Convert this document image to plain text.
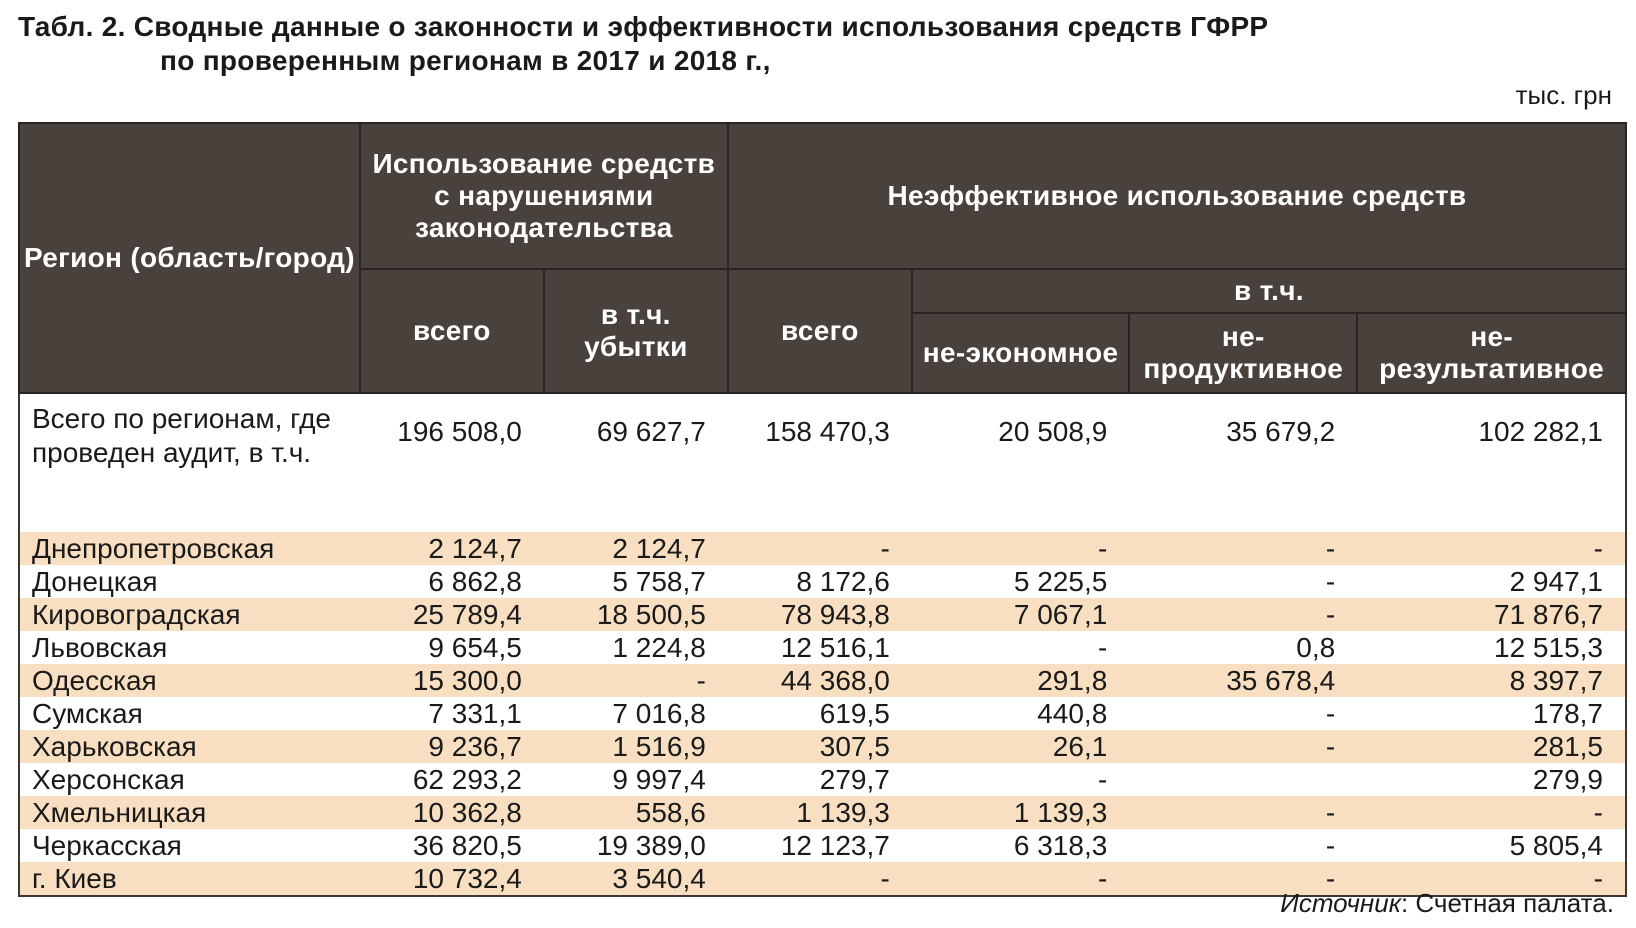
Табл. 2. Сводные данные о законности и эффективности использования средств ГФРР
по проверенным регионам в 2017 и 2018 г.,
тыс. грн
Регион (область/город)	Использование средств с нарушениями законодательства		Неэффективное использование средств			
	всего	в т.ч. убытки	всего	в т.ч.		
				не-экономное	не-продуктивное	не-результативное
Всего по регионам, где проведен аудит, в т.ч.	196 508,0	69 627,7	158 470,3	20 508,9	35 679,2	102 282,1
Днепропетровская	2 124,7	2 124,7	-	-	-	-
Донецкая	6 862,8	5 758,7	8 172,6	5 225,5	-	2 947,1
Кировоградская	25 789,4	18 500,5	78 943,8	7 067,1	-	71 876,7
Львовская	9 654,5	1 224,8	12 516,1	-	0,8	12 515,3
Одесская	15 300,0	-	44 368,0	291,8	35 678,4	8 397,7
Сумская	7 331,1	7 016,8	619,5	440,8	-	178,7
Харьковская	9 236,7	1 516,9	307,5	26,1	-	281,5
Херсонская	62 293,2	9 997,4	279,7	-		279,9
Хмельницкая	10 362,8	558,6	1 139,3	1 139,3	-	-
Черкасская	36 820,5	19 389,0	12 123,7	6 318,3	-	5 805,4
г. Киев	10 732,4	3 540,4	-	-	-	-
Источник: Счетная палата.
